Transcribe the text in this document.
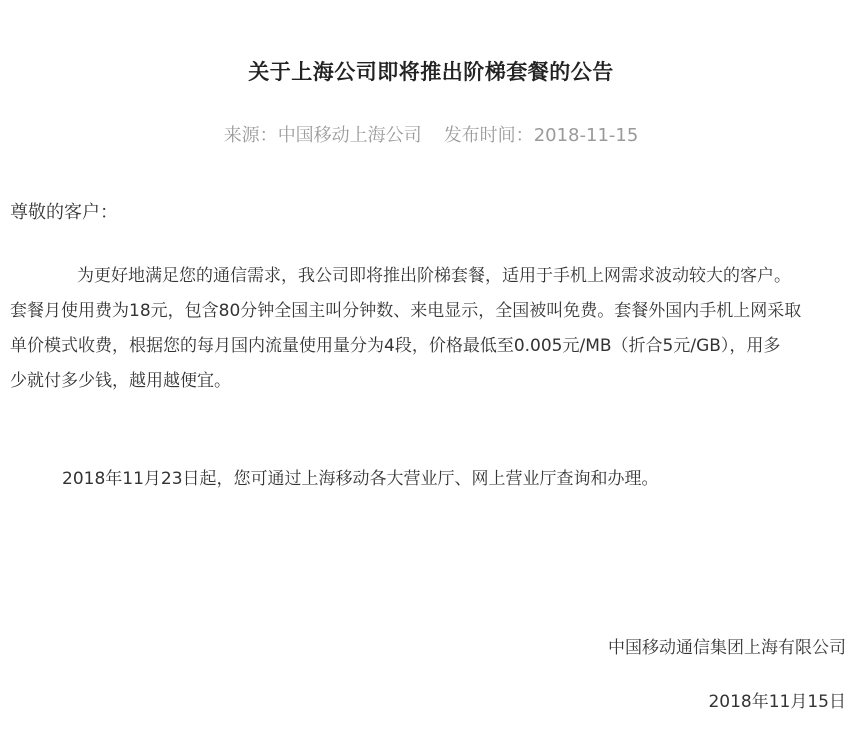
关于上海公司即将推出阶梯套餐的公告
来源：中国移动上海公司 发布时间：2018-11-15
尊敬的客户：
为更好地满足您的通信需求，我公司即将推出阶梯套餐，适用于手机上网需求波动较大的客户。
套餐月使用费为18元，包含80分钟全国主叫分钟数、来电显示，全国被叫免费。套餐外国内手机上网采取
单价模式收费，根据您的每月国内流量使用量分为4段，价格最低至0.005元/MB（折合5元/GB），用多
少就付多少钱，越用越便宜。
2018年11月23日起，您可通过上海移动各大营业厅、网上营业厅查询和办理。
中国移动通信集团上海有限公司
2018年11月15日
